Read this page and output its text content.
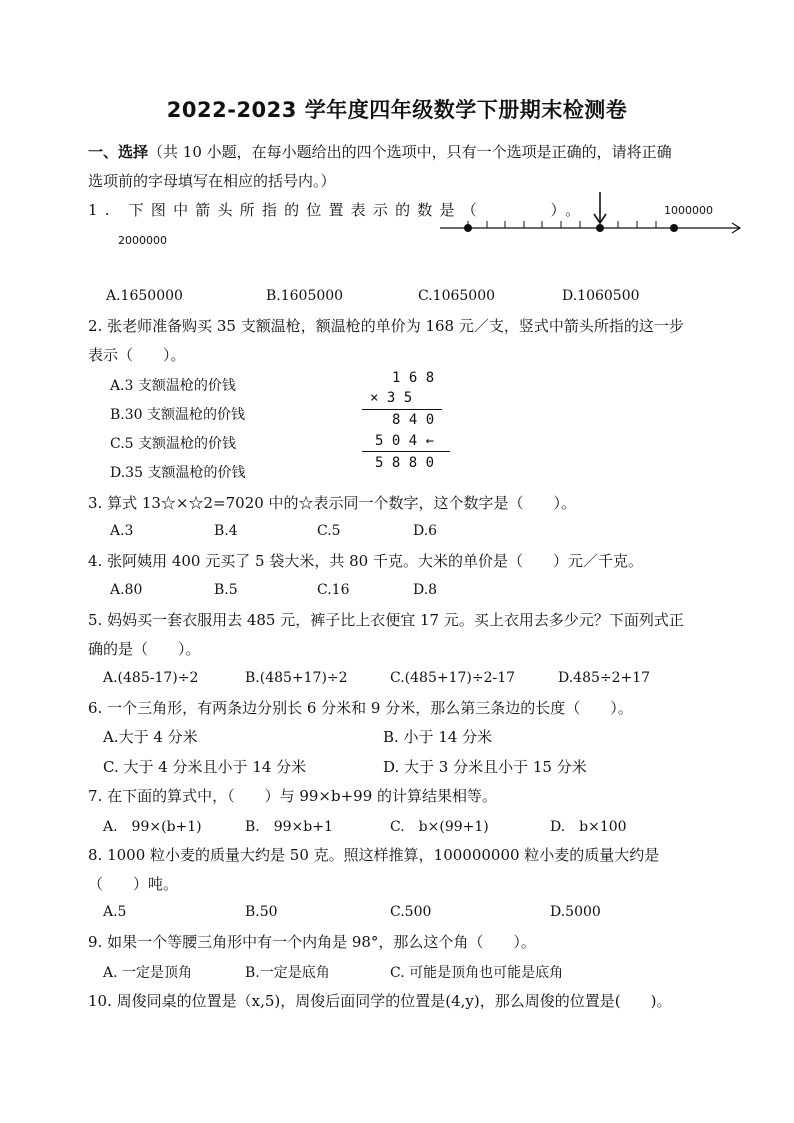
2022-2023 学年度四年级数学下册期末检测卷
一、选择（共 10 小题，在每小题给出的四个选项中，只有一个选项是正确的，请将正确
选项前的字母填写在相应的括号内。）
1. 下图中箭头所指的位置表示的数是（　　　）。
2000000
1000000
A.1650000	B.1605000	C.1065000	D.1060500
2. 张老师准备购买 35 支额温枪，额温枪的单价为 168 元／支，竖式中箭头所指的这一步
表示（　　）。
A.3 支额温枪的价钱
B.30 支额温枪的价钱
C.5 支额温枪的价钱
D.35 支额温枪的价钱
1 6 8
× 3 5
8 4 0
5 0 4 ←
5 8 8 0
3. 算式 13☆×☆2=7020 中的☆表示同一个数字，这个数字是（　　）。
A.3	B.4	C.5	D.6
4. 张阿姨用 400 元买了 5 袋大米，共 80 千克。大米的单价是（　　）元／千克。
A.80	B.5	C.16	D.8
5. 妈妈买一套衣服用去 485 元，裤子比上衣便宜 17 元。买上衣用去多少元？下面列式正
确的是（　　）。
A.(485-17)÷2	B.(485+17)÷2	C.(485+17)÷2-17	D.485÷2+17
6. 一个三角形，有两条边分别长 6 分米和 9 分米，那么第三条边的长度（　　）。
A.大于 4 分米	B. 小于 14 分米
C. 大于 4 分米且小于 14 分米	D. 大于 3 分米且小于 15 分米
7. 在下面的算式中，（　　）与 99×b+99 的计算结果相等。
A.　99×(b+1)	B.　99×b+1	C.　b×(99+1)	D.　b×100
8. 1000 粒小麦的质量大约是 50 克。照这样推算，100000000 粒小麦的质量大约是
（　　）吨。
A.5	B.50	C.500	D.5000
9. 如果一个等腰三角形中有一个内角是 98°，那么这个角（　　）。
A. 一定是顶角	B.一定是底角	C. 可能是顶角也可能是底角
10. 周俊同桌的位置是（x,5)，周俊后面同学的位置是(4,y)，那么周俊的位置是(　　)。
